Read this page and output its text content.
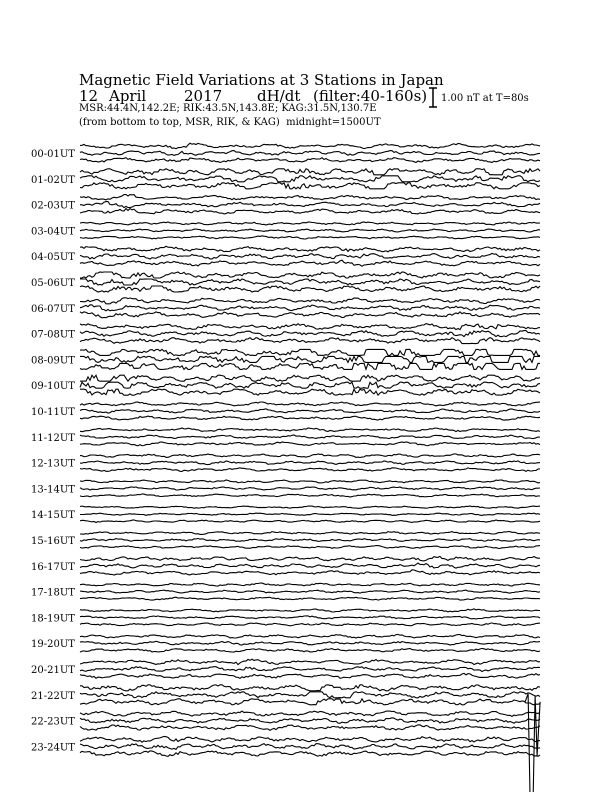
Magnetic Field Variations at 3 Stations in Japan
12 April	2017 dH/dt (filter:40-160s)
MSR:44.4N,142.2E; RIK:43.5N,143.8E; KAG:31.5N,130.7E
(from bottom to top, MSR, RIK, & KAG) midnight=1500UT
1.00 nT at T=80s
00-01UT
01-02UT
02-03UT
03-04UT
04-05UT
05-06UT
06-07UT
07-08UT
08-09UT
09-10UT
10-11UT
11-12UT
12-13UT
13-14UT
14-15UT
15-16UT
16-17UT
17-18UT
18-19UT
19-20UT
20-21UT
21-22UT
22-23UT
23-24UT
